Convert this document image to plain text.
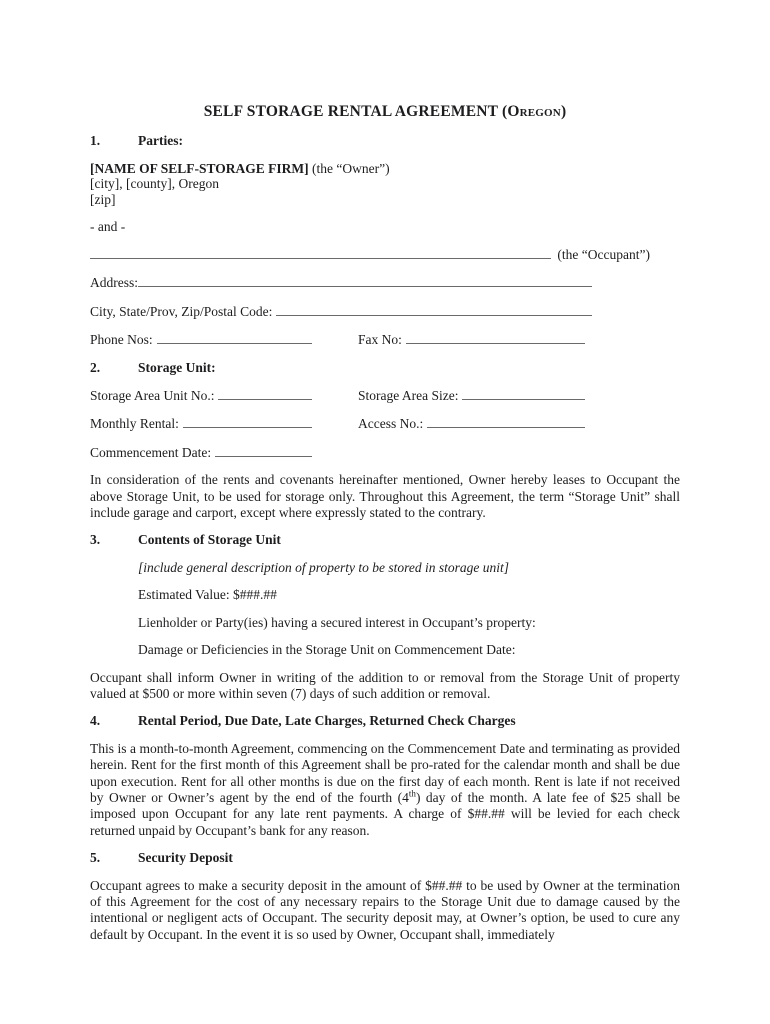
SELF STORAGE RENTAL AGREEMENT (Oregon)
1.	Parties:

[NAME OF SELF-STORAGE FIRM] (the “Owner”)

[city], [county], Oregon

[zip]

- and -

(the “Occupant”)
Address:
City, State/Prov, Zip/Postal Code:
Phone Nos:	Fax No:
2.	Storage Unit:
Storage Area Unit No.:	Storage Area Size:
Monthly Rental:	Access No.:
Commencement Date:

In consideration of the rents and covenants hereinafter mentioned, Owner hereby leases to Occupant the above Storage Unit, to be used for storage only. Throughout this Agreement, the term “Storage Unit” shall include garage and carport, except where expressly stated to the contrary.

3.	Contents of Storage Unit

[include general description of property to be stored in storage unit]

Estimated Value: $###.##

Lienholder or Party(ies) having a secured interest in Occupant’s property:

Damage or Deficiencies in the Storage Unit on Commencement Date:

Occupant shall inform Owner in writing of the addition to or removal from the Storage Unit of property valued at $500 or more within seven (7) days of such addition or removal.

4.	Rental Period, Due Date, Late Charges, Returned Check Charges

This is a month-to-month Agreement, commencing on the Commencement Date and terminating as provided herein. Rent for the first month of this Agreement shall be pro-rated for the calendar month and shall be due upon execution. Rent for all other months is due on the first day of each month. Rent is late if not received by Owner or Owner’s agent by the end of the fourth (4th) day of the month. A late fee of $25 shall be imposed upon Occupant for any late rent payments. A charge of $##.## will be levied for each check returned unpaid by Occupant’s bank for any reason.

5.	Security Deposit

Occupant agrees to make a security deposit in the amount of $##.## to be used by Owner at the termination of this Agreement for the cost of any necessary repairs to the Storage Unit due to damage caused by the intentional or negligent acts of Occupant. The security deposit may, at Owner’s option, be used to cure any default by Occupant. In the event it is so used by Owner, Occupant shall, immediately
